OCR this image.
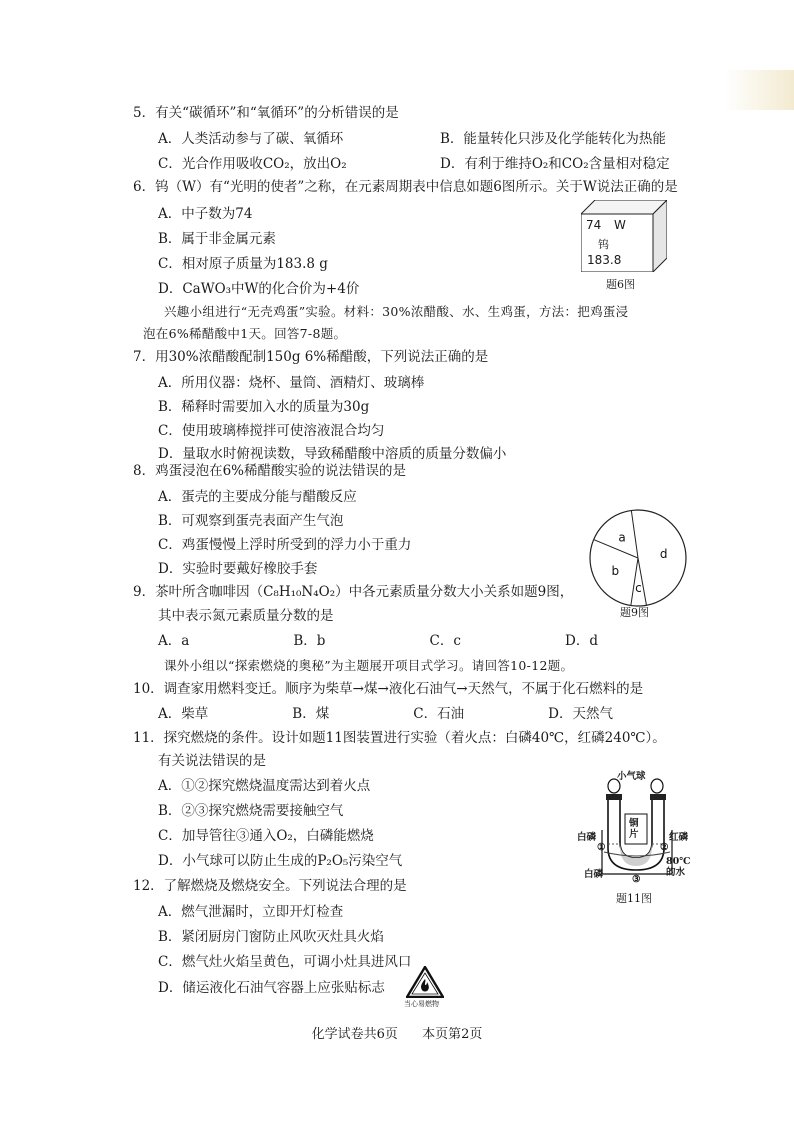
5．有关“碳循环”和“氧循环”的分析错误的是
A．人类活动参与了碳、氧循环	B．能量转化只涉及化学能转化为热能
C．光合作用吸收CO₂，放出O₂	D．有利于维持O₂和CO₂含量相对稳定
6．钨（W）有“光明的使者”之称，在元素周期表中信息如题6图所示。关于W说法正确的是
A．中子数为74
B．属于非金属元素
C．相对原子质量为183.8 g
D．CaWO₃中W的化合价为+4价
74 W
钨
183.8
题6图
兴趣小组进行“无壳鸡蛋”实验。材料：30%浓醋酸、水、生鸡蛋，方法：把鸡蛋浸
泡在6%稀醋酸中1天。回答7-8题。
7．用30%浓醋酸配制150g 6%稀醋酸，下列说法正确的是
A．所用仪器：烧杯、量筒、酒精灯、玻璃棒
B．稀释时需要加入水的质量为30g
C．使用玻璃棒搅拌可使溶液混合均匀
D．量取水时俯视读数，导致稀醋酸中溶质的质量分数偏小
8．鸡蛋浸泡在6%稀醋酸实验的说法错误的是
A．蛋壳的主要成分能与醋酸反应
B．可观察到蛋壳表面产生气泡
C．鸡蛋慢慢上浮时所受到的浮力小于重力
D．实验时要戴好橡胶手套
d
c
b
a
题9图
9．茶叶所含咖啡因（C₈H₁₀N₄O₂）中各元素质量分数大小关系如题9图，
其中表示氮元素质量分数的是
A．a	B．b	C．c	D．d
课外小组以“探索燃烧的奥秘”为主题展开项目式学习。请回答10-12题。
10．调查家用燃料变迁。顺序为柴草→煤→液化石油气→天然气，不属于化石燃料的是
A．柴草	B．煤	C．石油	D．天然气
11．探究燃烧的条件。设计如题11图装置进行实验（着火点：白磷40℃，红磷240℃）。
有关说法错误的是
A．①②探究燃烧温度需达到着火点
B．②③探究燃烧需要接触空气
C．加导管往③通入O₂，白磷能燃烧
D．小气球可以防止生成的P₂O₅污染空气
小气球
白磷	红磷
铜片
①	②
③
白磷
80℃的水
题11图
12．了解燃烧及燃烧安全。下列说法合理的是
A．燃气泄漏时，立即开灯检查
B．紧闭厨房门窗防止风吹灭灶具火焰
C．燃气灶火焰呈黄色，可调小灶具进风口
D．储运液化石油气容器上应张贴标志
当心易燃物
化学试卷共6页 本页第2页
